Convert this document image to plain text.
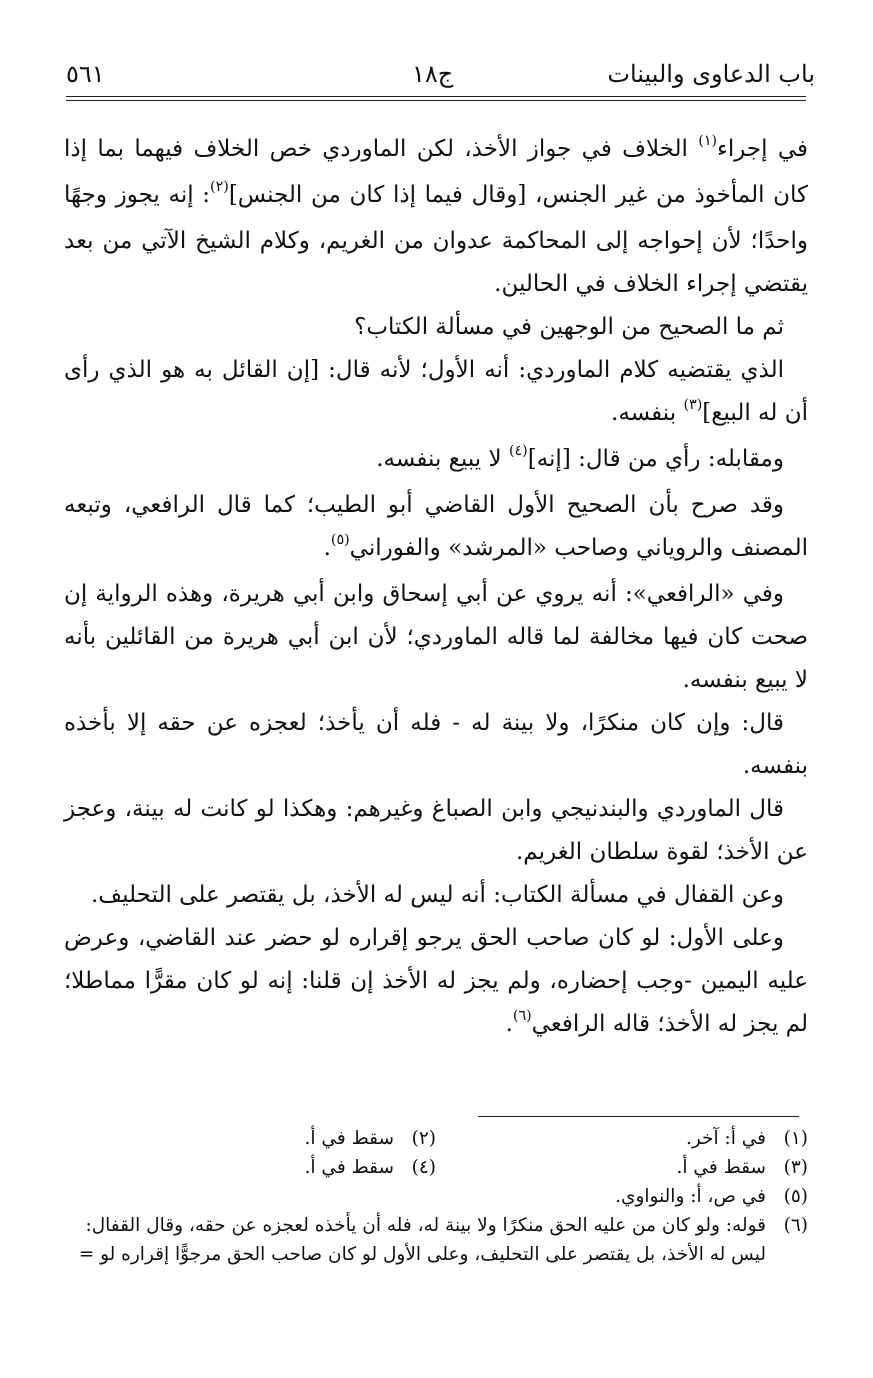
باب الدعاوى والبينات
ج١٨
٥٦١

في إجراء$^{(١)}$ الخلاف في جواز الأخذ، لكن الماوردي خص الخلاف فيهما بما إذا كان المأخوذ من غير الجنس، [وقال فيما إذا كان من الجنس]$^{(٢)}$: إنه يجوز وجهًا واحدًا؛ لأن إحواجه إلى المحاكمة عدوان من الغريم، وكلام الشيخ الآتي من بعد يقتضي إجراء الخلاف في الحالين.

ثم ما الصحيح من الوجهين في مسألة الكتاب؟

الذي يقتضيه كلام الماوردي: أنه الأول؛ لأنه قال: [إن القائل به هو الذي رأى أن له البيع]$^{(٣)}$ بنفسه.

ومقابله: رأي من قال: [إنه]$^{(٤)}$ لا يبيع بنفسه.

وقد صرح بأن الصحيح الأول القاضي أبو الطيب؛ كما قال الرافعي، وتبعه المصنف والروياني وصاحب «المرشد» والفوراني$^{(٥)}$.

وفي «الرافعي»: أنه يروي عن أبي إسحاق وابن أبي هريرة، وهذه الرواية إن صحت كان فيها مخالفة لما قاله الماوردي؛ لأن ابن أبي هريرة من القائلين بأنه لا يبيع بنفسه.

قال: وإن كان منكرًا، ولا بينة له - فله أن يأخذ؛ لعجزه عن حقه إلا بأخذه بنفسه.

قال الماوردي والبندنيجي وابن الصباغ وغيرهم: وهكذا لو كانت له بينة، وعجز عن الأخذ؛ لقوة سلطان الغريم.

وعن القفال في مسألة الكتاب: أنه ليس له الأخذ، بل يقتصر على التحليف.

وعلى الأول: لو كان صاحب الحق يرجو إقراره لو حضر عند القاضي، وعرض عليه اليمين -وجب إحضاره، ولم يجز له الأخذ إن قلنا: إنه لو كان مقرًّا مماطلا؛ لم يجز له الأخذ؛ قاله الرافعي$^{(٦)}$.

(١)
في أ: آخر.
(٢)
سقط في أ.
(٣)
سقط في أ.
(٤)
سقط في أ.
(٥)
في ص، أ: والنواوي.
(٦)
قوله: ولو كان من عليه الحق منكرًا ولا بينة له، فله أن يأخذه لعجزه عن حقه، وقال القفال: ليس له الأخذ، بل يقتصر على التحليف، وعلى الأول لو كان صاحب الحق مرجوًّا إقراره لو =
